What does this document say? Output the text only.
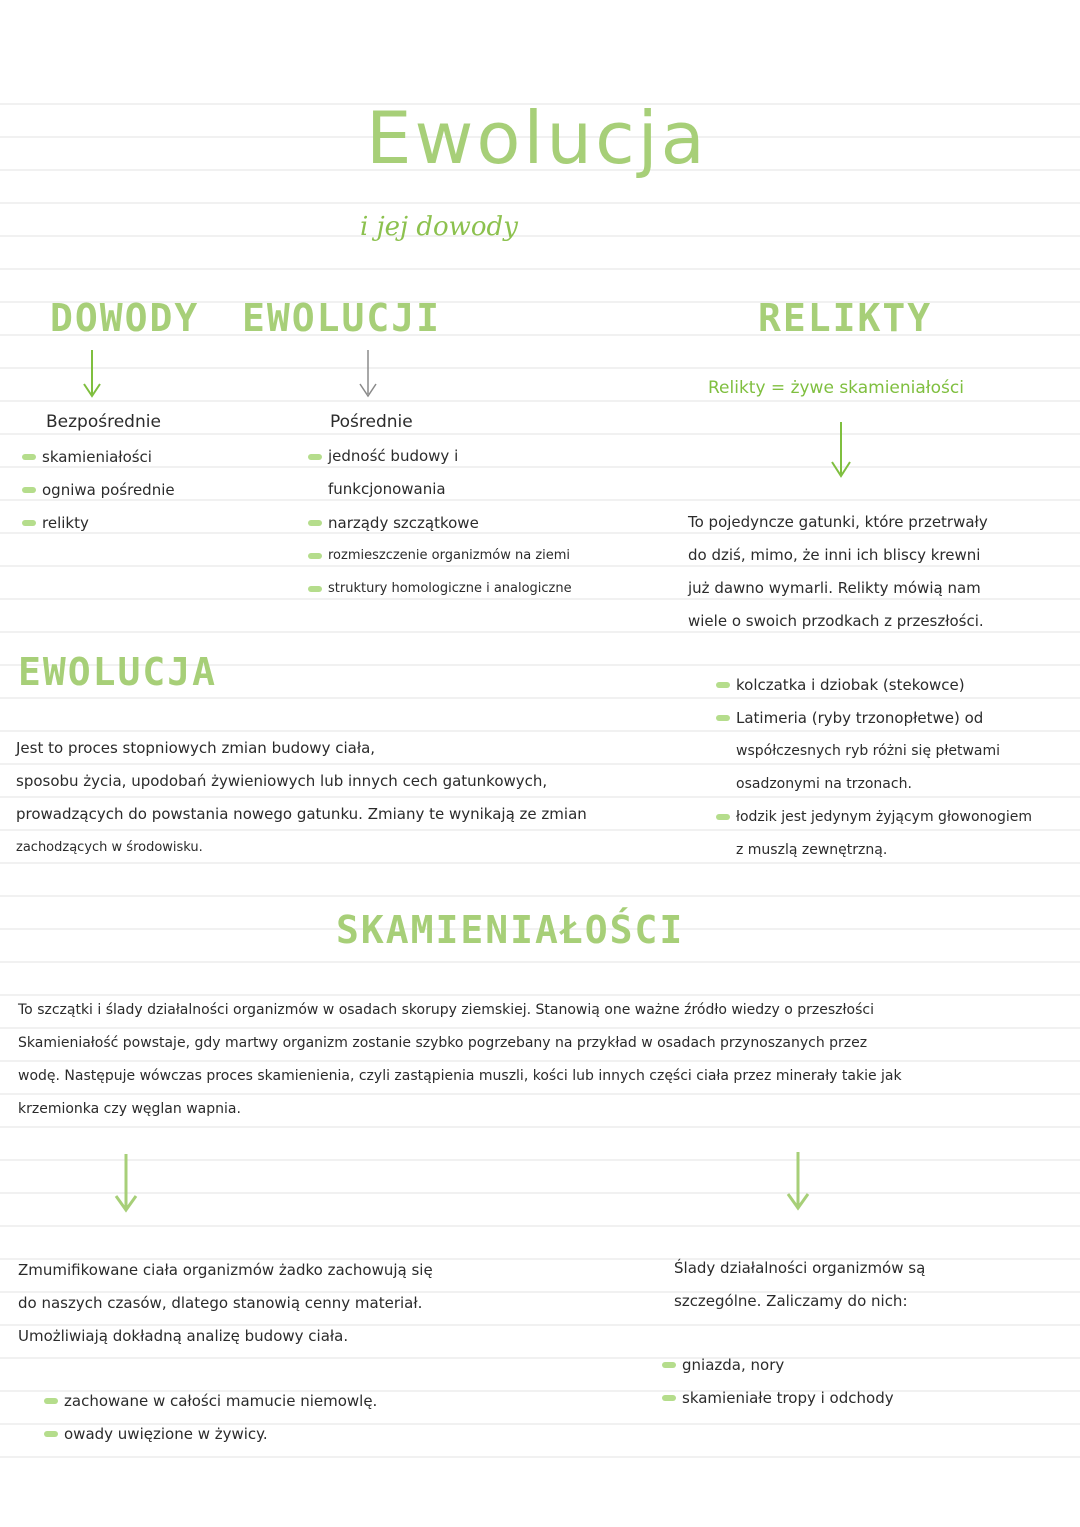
Ewolucja
i jej dowody
DOWODY EWOLUCJI
Bezpośrednie
skamieniałości
ogniwa pośrednie
relikty
Pośrednie
jedność budowy i funkcjonowania
narządy szczątkowe
rozmieszczenie organizmów na ziemi
struktury homologiczne i analogiczne
RELIKTY
Relikty = żywe skamieniałości
To pojedyncze gatunki, które przetrwały
do dziś, mimo, że inni ich bliscy krewni
już dawno wymarli. Relikty mówią nam
wiele o swoich przodkach z przeszłości.
kolczatka i dziobak (stekowce)
Latimeria (ryby trzonopłetwe) od
współczesnych ryb różni się płetwami
osadzonymi na trzonach.
łodzik jest jedynym żyjącym głowonogiem
z muszlą zewnętrzną.
EWOLUCJA
Jest to proces stopniowych zmian budowy ciała,
sposobu życia, upodobań żywieniowych lub innych cech gatunkowych,
prowadzących do powstania nowego gatunku. Zmiany te wynikają ze zmian
zachodzących w środowisku.
SKAMIENIAŁOŚCI
To szczątki i ślady działalności organizmów w osadach skorupy ziemskiej. Stanowią one ważne źródło wiedzy o przeszłości
Skamieniałość powstaje, gdy martwy organizm zostanie szybko pogrzebany na przykład w osadach przynoszanych przez
wodę. Następuje wówczas proces skamienienia, czyli zastąpienia muszli, kości lub innych części ciała przez minerały takie jak
krzemionka czy węglan wapnia.
Zmumifikowane ciała organizmów żadko zachowują się
do naszych czasów, dlatego stanowią cenny materiał.
Umożliwiają dokładną analizę budowy ciała.
zachowane w całości mamucie niemowlę.
owady uwięzione w żywicy.
Ślady działalności organizmów są
szczególne. Zaliczamy do nich:
gniazda, nory
skamieniałe tropy i odchody
